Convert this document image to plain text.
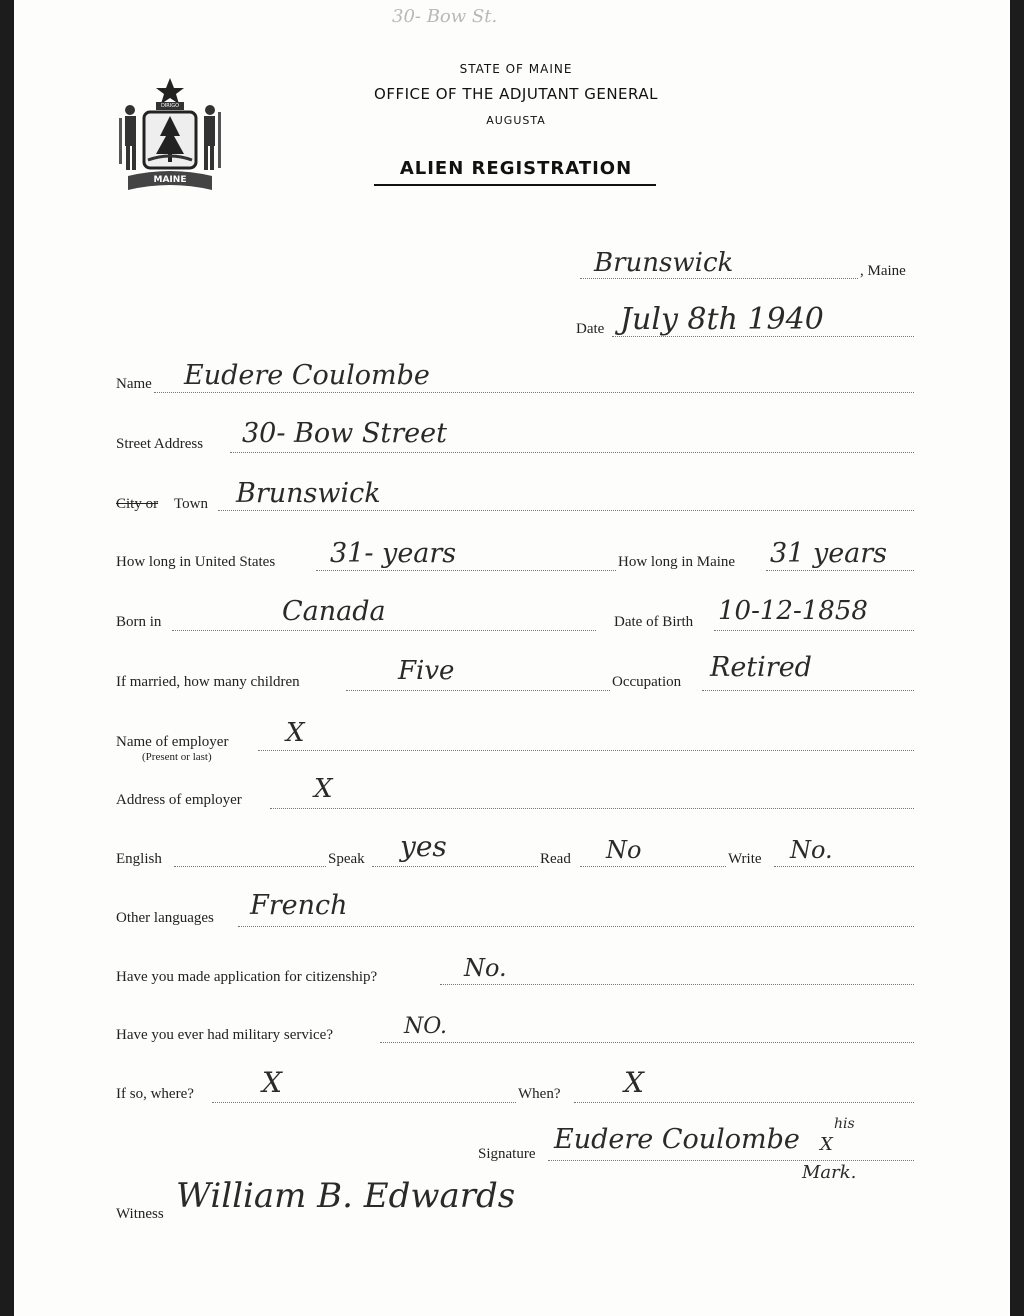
30- Bow St.
DIRIGO
MAINE
STATE OF MAINE
OFFICE OF THE ADJUTANT GENERAL
AUGUSTA
ALIEN REGISTRATION
Brunswick	, Maine
Date July 8th 1940
Name Eudere Coulombe
Street Address 30- Bow Street
City or Town Brunswick
How long in United States 31- years	How long in Maine 31 years
Born in	Canada	Date of Birth 10-12-1858
If married, how many children	Five	Occupation Retired
Name of employer
(Present or last)
X
Address of employer	X
English	Speak yes	Read No	Write No.
Other languages French
Have you made application for citizenship?	No.
Have you ever had military service?	NO.
If so, where? X	When? X
Signature Eudere Coulombe his
X
Mark.
Witness William B. Edwards
